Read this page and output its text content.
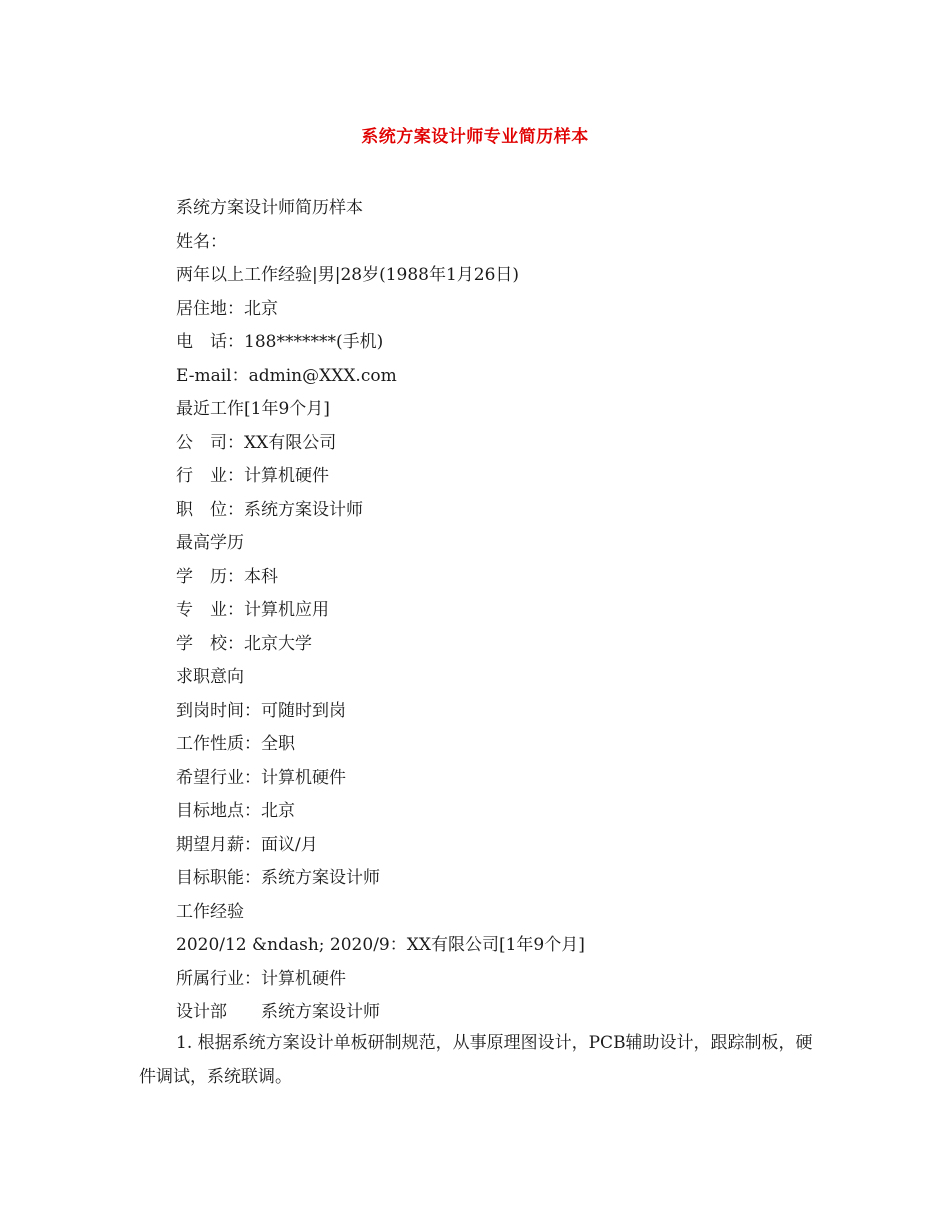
系统方案设计师专业简历样本
系统方案设计师简历样本
姓名：
两年以上工作经验|男|28岁(1988年1月26日)
居住地：北京
电　话：188*******(手机)
E-mail：admin@XXX.com
最近工作[1年9个月]
公　司：XX有限公司
行　业：计算机硬件
职　位：系统方案设计师
最高学历
学　历：本科
专　业：计算机应用
学　校：北京大学
求职意向
到岗时间：可随时到岗
工作性质：全职
希望行业：计算机硬件
目标地点：北京
期望月薪：面议/月
目标职能：系统方案设计师
工作经验
2020/12 &ndash; 2020/9：XX有限公司[1年9个月]
所属行业：计算机硬件
设计部　　系统方案设计师

1. 根据系统方案设计单板研制规范，从事原理图设计，PCB辅助设计，跟踪制板，硬件调试，系统联调。
